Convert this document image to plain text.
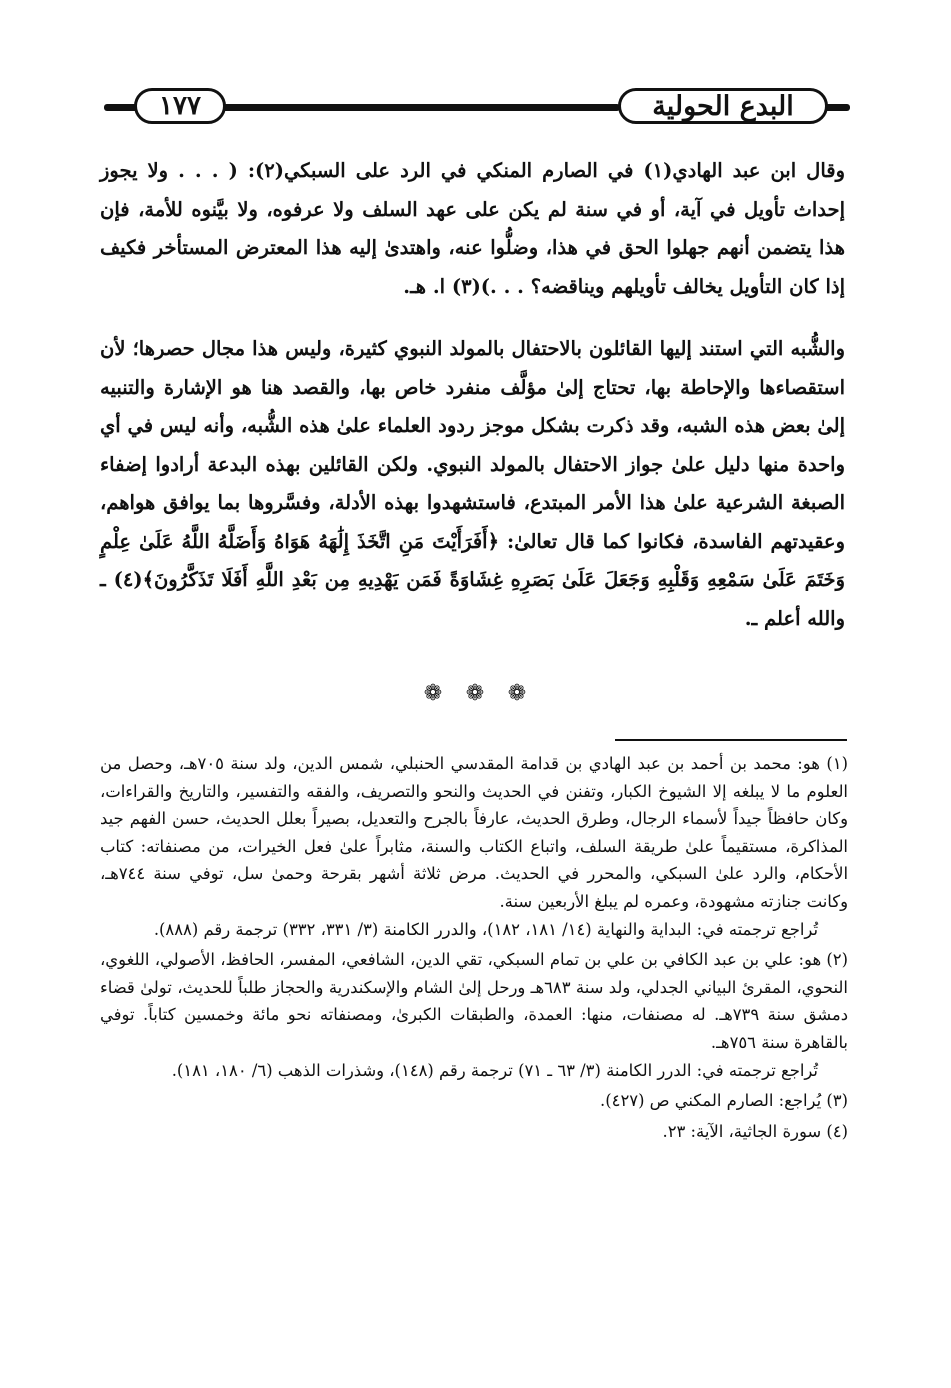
١٧٧	البدع الحولية
وقال ابن عبد الهادي(١) في الصارم المنكي في الرد على السبكي(٢): ( . . . ولا يجوز إحداث تأويل في آية، أو في سنة لم يكن على عهد السلف ولا عرفوه، ولا بيَّنوه للأمة، فإن هذا يتضمن أنهم جهلوا الحق في هذا، وضلُّوا عنه، واهتدىٰ إليه هذا المعترض المستأخر فكيف إذا كان التأويل يخالف تأويلهم ويناقضه؟ . . .)(٣) ا. هـ.
والشُّبه التي استند إليها القائلون بالاحتفال بالمولد النبوي كثيرة، وليس هذا مجال حصرها؛ لأن استقصاءها والإحاطة بها، تحتاج إلىٰ مؤلَّف منفرد خاص بها، والقصد هنا هو الإشارة والتنبيه إلىٰ بعض هذه الشبه، وقد ذكرت بشكل موجز ردود العلماء علىٰ هذه الشُّبه، وأنه ليس في أي واحدة منها دليل علىٰ جواز الاحتفال بالمولد النبوي. ولكن القائلين بهذه البدعة أرادوا إضفاء الصبغة الشرعية علىٰ هذا الأمر المبتدع، فاستشهدوا بهذه الأدلة، وفسَّروها بما يوافق هواهم، وعقيدتهم الفاسدة، فكانوا كما قال تعالىٰ: ﴿أَفَرَأَيْتَ مَنِ اتَّخَذَ إِلَٰهَهُ هَوَاهُ وَأَضَلَّهُ اللَّهُ عَلَىٰ عِلْمٍ وَخَتَمَ عَلَىٰ سَمْعِهِ وَقَلْبِهِ وَجَعَلَ عَلَىٰ بَصَرِهِ غِشَاوَةً فَمَن يَهْدِيهِ مِن بَعْدِ اللَّهِ أَفَلَا تَذَكَّرُونَ﴾(٤) ـ والله أعلم ـ.
❁ ❁ ❁
(١) هو: محمد بن أحمد بن عبد الهادي بن قدامة المقدسي الحنبلي، شمس الدين، ولد سنة ٧٠٥هـ، وحصل من العلوم ما لا يبلغه إلا الشيوخ الكبار، وتفنن في الحديث والنحو والتصريف، والفقه والتفسير، والتاريخ والقراءات، وكان حافظاً جيداً لأسماء الرجال، وطرق الحديث، عارفاً بالجرح والتعديل، بصيراً بعلل الحديث، حسن الفهم جيد المذاكرة، مستقيماً علىٰ طريقة السلف، واتباع الكتاب والسنة، مثابراً علىٰ فعل الخيرات، من مصنفاته: كتاب الأحكام، والرد علىٰ السبكي، والمحرر في الحديث. مرض ثلاثة أشهر بقرحة وحمىٰ سل، توفي سنة ٧٤٤هـ، وكانت جنازته مشهودة، وعمره لم يبلغ الأربعين سنة.
تُراجع ترجمته في: البداية والنهاية (١٤/ ١٨١، ١٨٢)، والدرر الكامنة (٣/ ٣٣١، ٣٣٢) ترجمة رقم (٨٨٨).
(٢) هو: علي بن عبد الكافي بن علي بن تمام السبكي، تقي الدين، الشافعي، المفسر، الحافظ، الأصولي، اللغوي، النحوي، المقرئ البياني الجدلي، ولد سنة ٦٨٣هـ ورحل إلىٰ الشام والإسكندرية والحجاز طلباً للحديث، تولىٰ قضاء دمشق سنة ٧٣٩هـ. له مصنفات، منها: العمدة، والطبقات الكبرىٰ، ومصنفاته نحو مائة وخمسين كتاباً. توفي بالقاهرة سنة ٧٥٦هـ.
تُراجع ترجمته في: الدرر الكامنة (٣/ ٦٣ ـ ٧١) ترجمة رقم (١٤٨)، وشذرات الذهب (٦/ ١٨٠، ١٨١).
(٣) يُراجع: الصارم المكني ص (٤٢٧).
(٤) سورة الجاثية، الآية: ٢٣.
